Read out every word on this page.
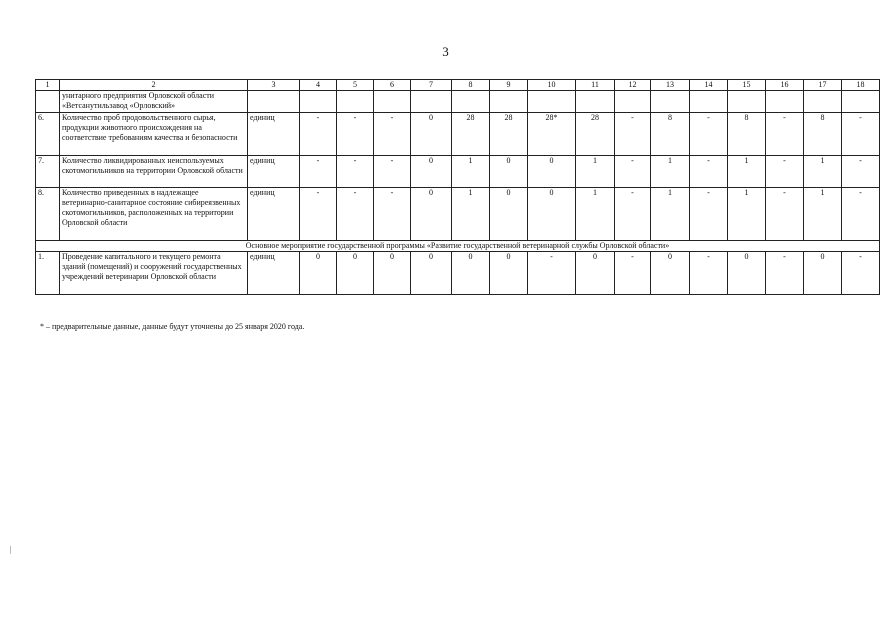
3
1	2	3	4	5	6	7	8	9	10	11	12	13	14	15	16	17	18
	унитарного предприятия Орловской области «Ветсанутильзавод «Орловский»																
6.	Количество проб продовольственного сырья, продукции животного происхождения на соответствие требованиям качества и безопасности	единиц	-	-	-	0	28	28	28*	28	-	8	-	8	-	8	-
7.	Количество ликвидированных неиспользуемых скотомогильников на территории Орловской области	единиц	-	-	-	0	1	0	0	1	-	1	-	1	-	1	-
8.	Количество приведенных в надлежащее ветеринарно-санитарное состояние сибиреязвенных скотомогильников, расположенных на территории Орловской области	единиц	-	-	-	0	1	0	0	1	-	1	-	1	-	1	-
Основное мероприятие государственной программы «Развитие государственной ветеринарной службы Орловской области»																	
1.	Проведение капитального и текущего ремонта зданий (помещений) и сооружений государственных учреждений ветеринарии Орловской области	единиц	0	0	0	0	0	0	-	0	-	0	-	0	-	0	-
* – предварительные данные, данные будут уточнены до 25 января 2020 года.
